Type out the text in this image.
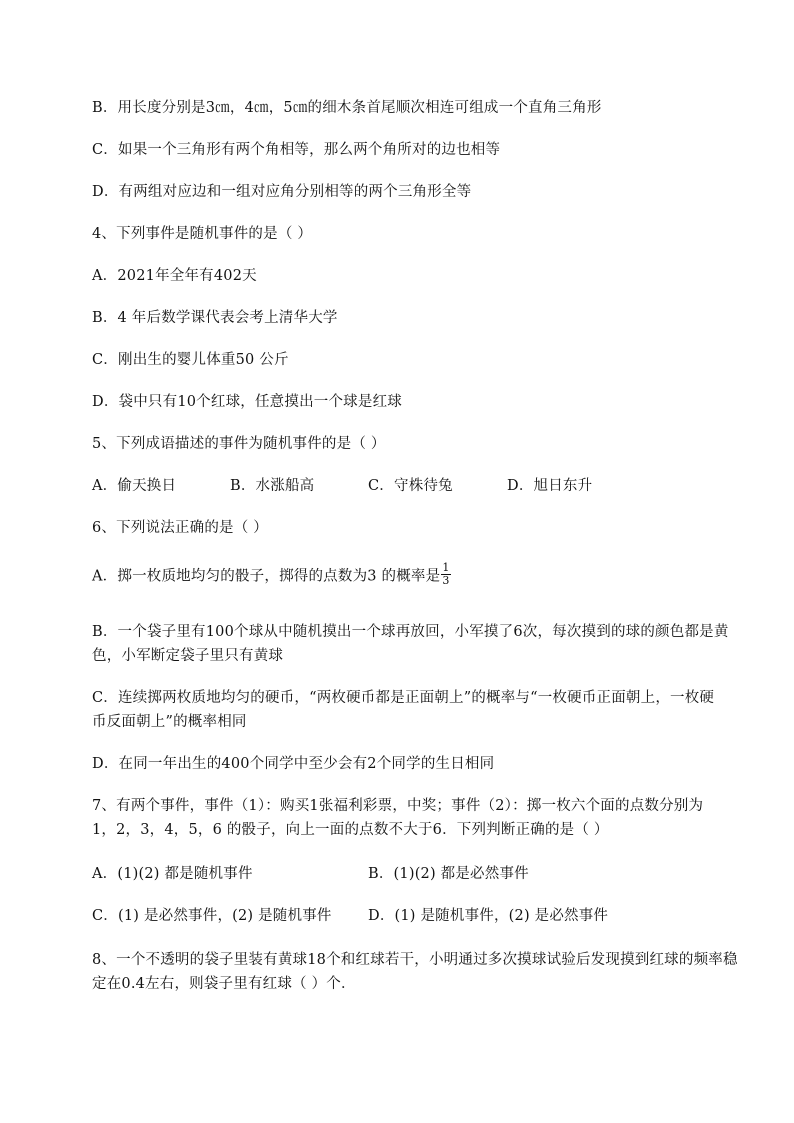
B．用长度分别是3㎝，4㎝，5㎝的细木条首尾顺次相连可组成一个直角三角形
C．如果一个三角形有两个角相等，那么两个角所对的边也相等
D．有两组对应边和一组对应角分别相等的两个三角形全等
4、下列事件是随机事件的是（ ）
A．2021年全年有402天
B．4 年后数学课代表会考上清华大学
C．刚出生的婴儿体重50 公斤
D．袋中只有10个红球，任意摸出一个球是红球
5、下列成语描述的事件为随机事件的是（ ）
A．偷天换日	B．水涨船高	C．守株待兔	D．旭日东升
6、下列说法正确的是（ ）
A．掷一枚质地均匀的骰子，掷得的点数为3 的概率是 $\frac{1}{3}$
B．一个袋子里有100个球从中随机摸出一个球再放回，小军摸了6次，每次摸到的球的颜色都是黄
色，小军断定袋子里只有黄球
C．连续掷两枚质地均匀的硬币，“两枚硬币都是正面朝上”的概率与“一枚硬币正面朝上，一枚硬
币反面朝上”的概率相同
D．在同一年出生的400个同学中至少会有2个同学的生日相同
7、有两个事件，事件（1）：购买1张福利彩票，中奖；事件（2）：掷一枚六个面的点数分别为
1，2，3，4，5，6 的骰子，向上一面的点数不大于6．下列判断正确的是（ ）
A．(1)(2) 都是随机事件	B．(1)(2) 都是必然事件
C．(1) 是必然事件，(2) 是随机事件	D．(1) 是随机事件，(2) 是必然事件
8、一个不透明的袋子里装有黄球18个和红球若干，小明通过多次摸球试验后发现摸到红球的频率稳
定在0.4左右，则袋子里有红球（ ）个．
